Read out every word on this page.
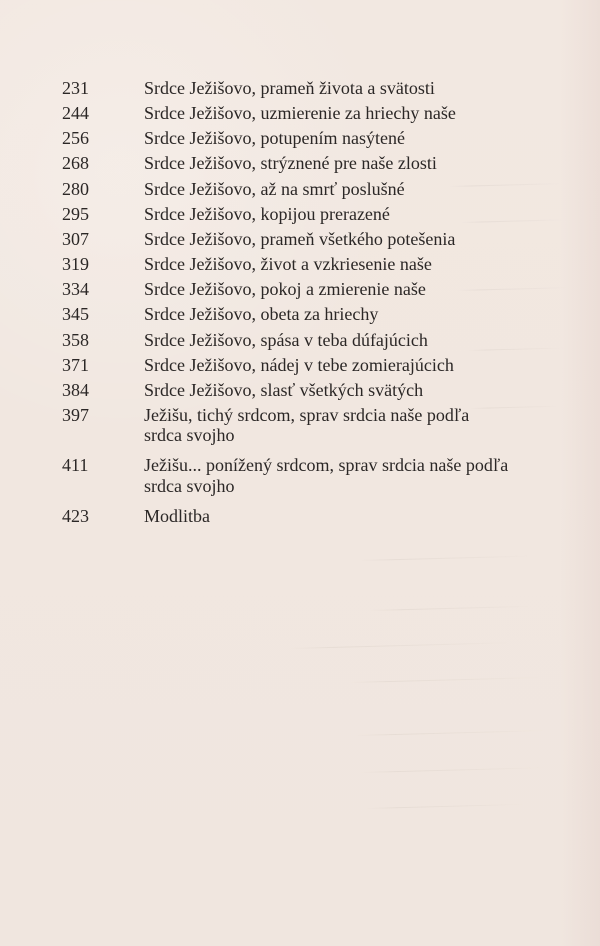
231	Srdce Ježišovo, prameň života a svätosti
244	Srdce Ježišovo, uzmierenie za hriechy naše
256	Srdce Ježišovo, potupením nasýtené
268	Srdce Ježišovo, strýznené pre naše zlosti
280	Srdce Ježišovo, až na smrť poslušné
295	Srdce Ježišovo, kopijou prerazené
307	Srdce Ježišovo, prameň všetkého potešenia
319	Srdce Ježišovo, život a vzkriesenie naše
334	Srdce Ježišovo, pokoj a zmierenie naše
345	Srdce Ježišovo, obeta za hriechy
358	Srdce Ježišovo, spása v teba dúfajúcich
371	Srdce Ježišovo, nádej v tebe zomierajúcich
384	Srdce Ježišovo, slasť všetkých svätých
397	Ježišu, tichý srdcom, sprav srdcia naše podľa
srdca svojho
411	Ježišu... ponížený srdcom, sprav srdcia naše podľa
srdca svojho
423	Modlitba
